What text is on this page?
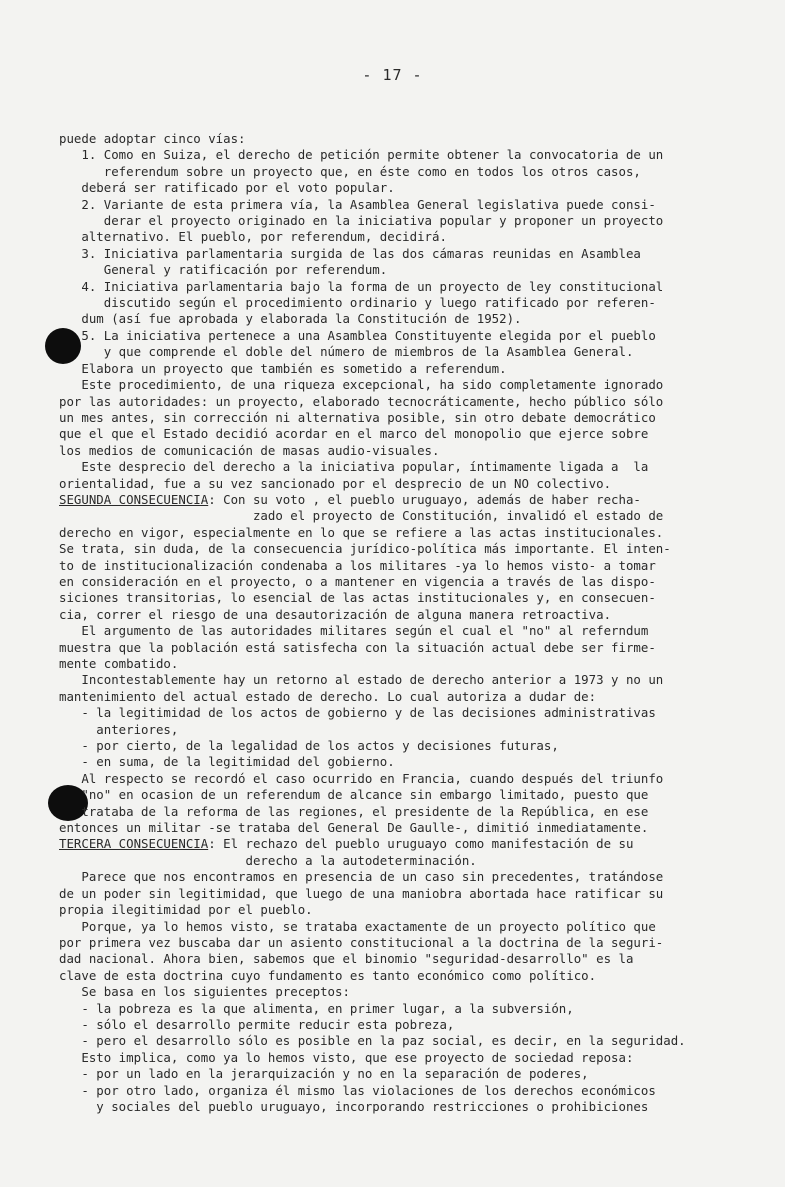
- 17 -
puede adoptar cinco vías:
1. Como en Suiza, el derecho de petición permite obtener la convocatoria de un
referendum sobre un proyecto que, en éste como en todos los otros casos,
deberá ser ratificado por el voto popular.
2. Variante de esta primera vía, la Asamblea General legislativa puede consi-
derar el proyecto originado en la iniciativa popular y proponer un proyecto
alternativo. El pueblo, por referendum, decidirá.
3. Iniciativa parlamentaria surgida de las dos cámaras reunidas en Asamblea
General y ratificación por referendum.
4. Iniciativa parlamentaria bajo la forma de un proyecto de ley constitucional
discutido según el procedimiento ordinario y luego ratificado por referen-
dum (así fue aprobada y elaborada la Constitución de 1952).
5. La iniciativa pertenece a una Asamblea Constituyente elegida por el pueblo
y que comprende el doble del número de miembros de la Asamblea General.
Elabora un proyecto que también es sometido a referendum.
Este procedimiento, de una riqueza excepcional, ha sido completamente ignorado
por las autoridades: un proyecto, elaborado tecnocráticamente, hecho público sólo
un mes antes, sin corrección ni alternativa posible, sin otro debate democrático
que el que el Estado decidió acordar en el marco del monopolio que ejerce sobre
los medios de comunicación de masas audio-visuales.
Este desprecio del derecho a la iniciativa popular, íntimamente ligada a  la
orientalidad, fue a su vez sancionado por el desprecio de un NO colectivo.
SEGUNDA CONSECUENCIA: Con su voto , el pueblo uruguayo, además de haber recha-
zado el proyecto de Constitución, invalidó el estado de
derecho en vigor, especialmente en lo que se refiere a las actas institucionales.
Se trata, sin duda, de la consecuencia jurídico-política más importante. El inten-
to de institucionalización condenaba a los militares -ya lo hemos visto- a tomar
en consideración en el proyecto, o a mantener en vigencia a través de las dispo-
siciones transitorias, lo esencial de las actas institucionales y, en consecuen-
cia, correr el riesgo de una desautorización de alguna manera retroactiva.
El argumento de las autoridades militares según el cual el "no" al referndum
muestra que la población está satisfecha con la situación actual debe ser firme-
mente combatido.
Incontestablemente hay un retorno al estado de derecho anterior a 1973 y no un
mantenimiento del actual estado de derecho. Lo cual autoriza a dudar de:
- la legitimidad de los actos de gobierno y de las decisiones administrativas
anteriores,
- por cierto, de la legalidad de los actos y decisiones futuras,
- en suma, de la legitimidad del gobierno.
Al respecto se recordó el caso ocurrido en Francia, cuando después del triunfo
"no" en ocasion de un referendum de alcance sin embargo limitado, puesto que
trataba de la reforma de las regiones, el presidente de la República, en ese
entonces un militar -se trataba del General De Gaulle-, dimitió inmediatamente.
TERCERA CONSECUENCIA: El rechazo del pueblo uruguayo como manifestación de su
derecho a la autodeterminación.
Parece que nos encontramos en presencia de un caso sin precedentes, tratándose
de un poder sin legitimidad, que luego de una maniobra abortada hace ratificar su
propia ilegitimidad por el pueblo.
Porque, ya lo hemos visto, se trataba exactamente de un proyecto político que
por primera vez buscaba dar un asiento constitucional a la doctrina de la seguri-
dad nacional. Ahora bien, sabemos que el binomio "seguridad-desarrollo" es la
clave de esta doctrina cuyo fundamento es tanto económico como político.
Se basa en los siguientes preceptos:
- la pobreza es la que alimenta, en primer lugar, a la subversión,
- sólo el desarrollo permite reducir esta pobreza,
- pero el desarrollo sólo es posible en la paz social, es decir, en la seguridad.
Esto implica, como ya lo hemos visto, que ese proyecto de sociedad reposa:
- por un lado en la jerarquización y no en la separación de poderes,
- por otro lado, organiza él mismo las violaciones de los derechos económicos
y sociales del pueblo uruguayo, incorporando restricciones o prohibiciones
